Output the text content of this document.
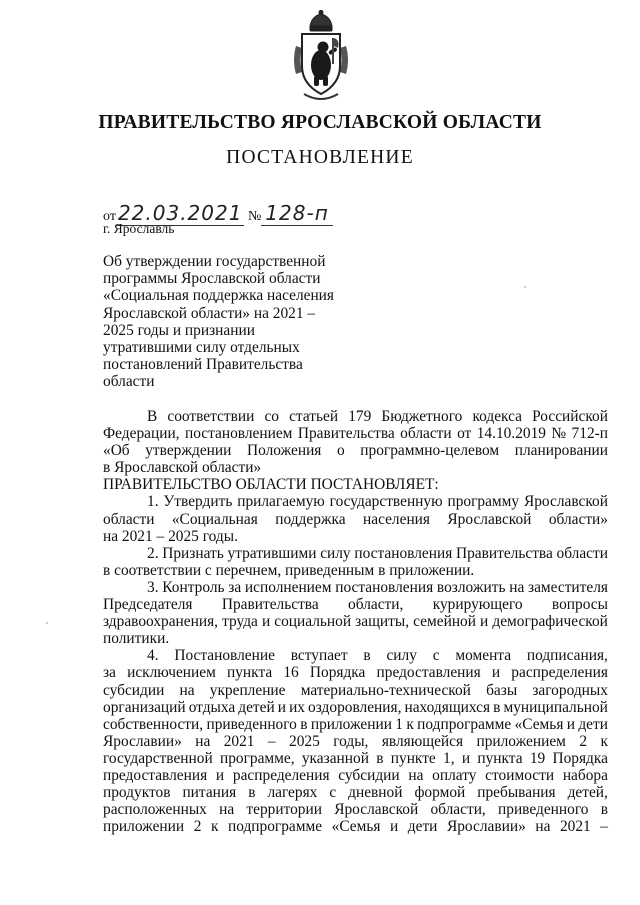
ПРАВИТЕЛЬСТВО ЯРОСЛАВСКОЙ ОБЛАСТИ
ПОСТАНОВЛЕНИЕ
от 22.03.2021 № 128-п
г. Ярославль
Об утверждении государственной
программы Ярославской области
«Социальная поддержка населения
Ярославской области» на 2021 –
2025 годы и признании
утратившими силу отдельных
постановлений Правительства
области
В соответствии со статьей 179 Бюджетного кодекса Российской
Федерации, постановлением Правительства области от 14.10.2019 № 712-п
«Об утверждении Положения о программно-целевом планировании
в Ярославской области»
ПРАВИТЕЛЬСТВО ОБЛАСТИ ПОСТАНОВЛЯЕТ:
1. Утвердить прилагаемую государственную программу Ярославской
области «Социальная поддержка населения Ярославской области»
на 2021 – 2025 годы.
2. Признать утратившими силу постановления Правительства области
в соответствии с перечнем, приведенным в приложении.
3. Контроль за исполнением постановления возложить на заместителя
Председателя Правительства области, курирующего вопросы
здравоохранения, труда и социальной защиты, семейной и демографической
политики.
4. Постановление вступает в силу с момента подписания,
за исключением пункта 16 Порядка предоставления и распределения
субсидии на укрепление материально-технической базы загородных
организаций отдыха детей и их оздоровления, находящихся в муниципальной
собственности, приведенного в приложении 1 к подпрограмме «Семья и дети
Ярославии» на 2021 – 2025 годы, являющейся приложением 2 к
государственной программе, указанной в пункте 1, и пункта 19 Порядка
предоставления и распределения субсидии на оплату стоимости набора
продуктов питания в лагерях с дневной формой пребывания детей,
расположенных на территории Ярославской области, приведенного в
приложении 2 к подпрограмме «Семья и дети Ярославии» на 2021 –
